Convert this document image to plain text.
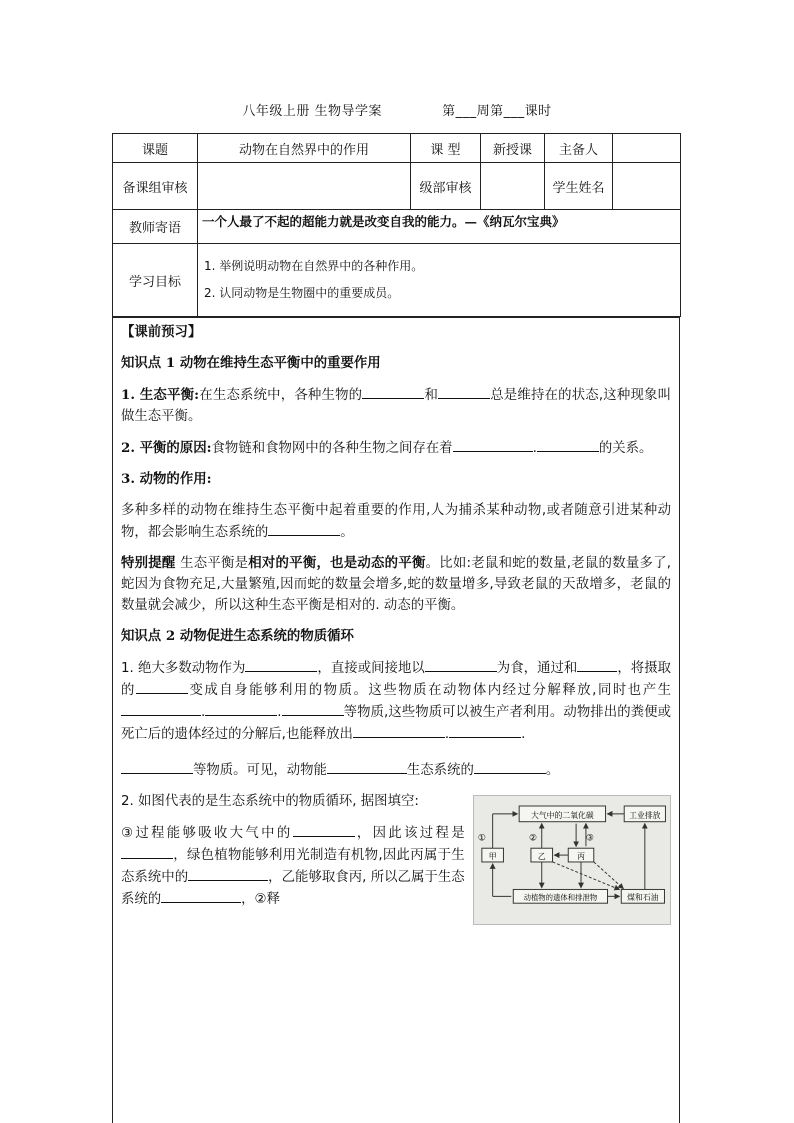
八年级上册 生物导学案	第___周第___课时
课题	动物在自然界中的作用	课 型	新授课	主备人	
备课组审核		级部审核		学生姓名	
教师寄语	一个人最了不起的超能力就是改变自我的能力。—《纳瓦尔宝典》				
学习目标	1. 举例说明动物在自然界中的各种作用。
2. 认同动物是生物圈中的重要成员。				

【课前预习】

知识点 1 动物在维持生态平衡中的重要作用

1. 生态平衡:在生态系统中，各种生物的	和	总是维持在的状态,这种现象叫做生态平衡。

2. 平衡的原因:食物链和食物网中的各种生物之间存在着	.	的关系。

3. 动物的作用:

多种多样的动物在维持生态平衡中起着重要的作用,人为捕杀某种动物,或者随意引进某种动物，都会影响生态系统的	。

特别提醒 生态平衡是相对的平衡，也是动态的平衡。比如:老鼠和蛇的数量,老鼠的数量多了,蛇因为食物充足,大量繁殖,因而蛇的数量会增多,蛇的数量增多,导致老鼠的天敌增多，老鼠的数量就会减少，所以这种生态平衡是相对的. 动态的平衡。

知识点 2 动物促进生态系统的物质循环

1. 绝大多数动物作为	，直接或间接地以	为食，通过和	，将摄取的	变成自身能够利用的物质。这些物质在动物体内经过分解释放,同时也产生.	.	等物质,这些物质可以被生产者利用。动物排出的粪便或死亡后的遗体经过的分解后,也能释放出	.	.

等物质。可见，动物能	生态系统的	。

2. 如图代表的是生态系统中的物质循环, 据图填空:

③过程能够吸收大气中的	，因此该过程是，绿色植物能够利用光制造有机物,因此丙属于生态系统中的	，乙能够取食丙, 所以乙属于生态系统的	，②释

大气中的二氧化碳	工业排放
甲	乙	丙
动植物的遗体和排泄物	煤和石油
①	②	③
